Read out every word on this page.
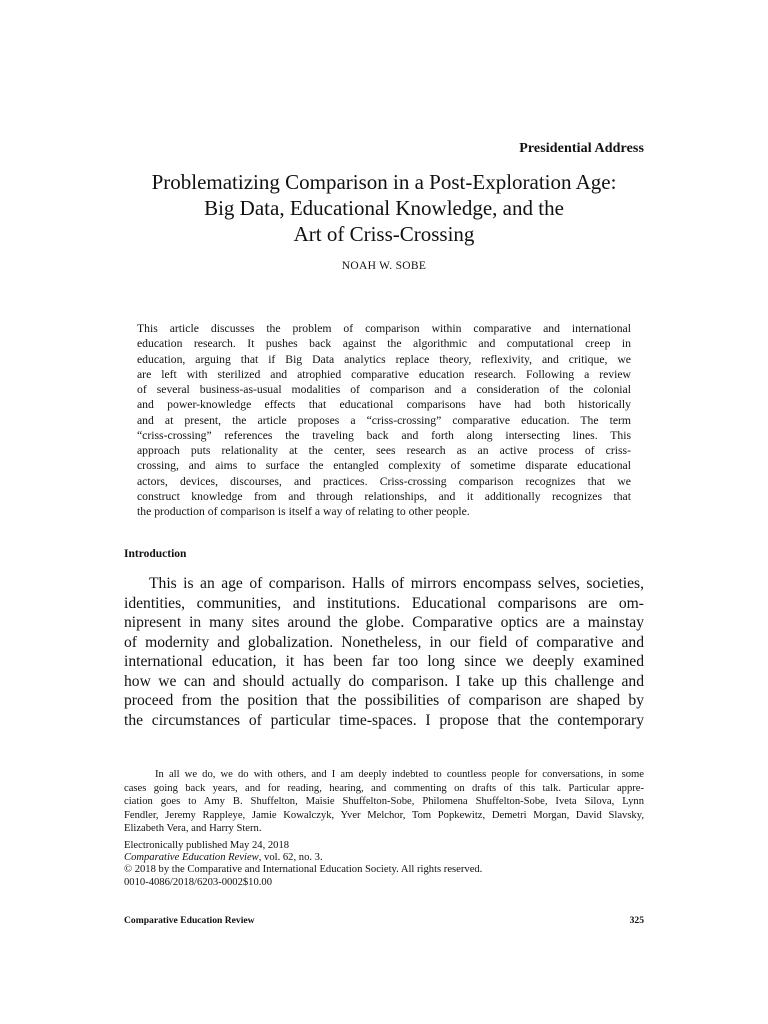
Presidential Address
Problematizing Comparison in a Post-Exploration Age:
Big Data, Educational Knowledge, and the
Art of Criss-Crossing
NOAH W. SOBE
This article discusses the problem of comparison within comparative and international
education research. It pushes back against the algorithmic and computational creep in
education, arguing that if Big Data analytics replace theory, reflexivity, and critique, we
are left with sterilized and atrophied comparative education research. Following a review
of several business-as-usual modalities of comparison and a consideration of the colonial
and power-knowledge effects that educational comparisons have had both historically
and at present, the article proposes a “criss-crossing” comparative education. The term
“criss-crossing” references the traveling back and forth along intersecting lines. This
approach puts relationality at the center, sees research as an active process of criss-
crossing, and aims to surface the entangled complexity of sometime disparate educational
actors, devices, discourses, and practices. Criss-crossing comparison recognizes that we
construct knowledge from and through relationships, and it additionally recognizes that
the production of comparison is itself a way of relating to other people.
Introduction
This is an age of comparison. Halls of mirrors encompass selves, societies,
identities, communities, and institutions. Educational comparisons are om-
nipresent in many sites around the globe. Comparative optics are a mainstay
of modernity and globalization. Nonetheless, in our field of comparative and
international education, it has been far too long since we deeply examined
how we can and should actually do comparison. I take up this challenge and
proceed from the position that the possibilities of comparison are shaped by
the circumstances of particular time-spaces. I propose that the contemporary
In all we do, we do with others, and I am deeply indebted to countless people for conversations, in some
cases going back years, and for reading, hearing, and commenting on drafts of this talk. Particular appre-
ciation goes to Amy B. Shuffelton, Maisie Shuffelton-Sobe, Philomena Shuffelton-Sobe, Iveta Silova, Lynn
Fendler, Jeremy Rappleye, Jamie Kowalczyk, Yver Melchor, Tom Popkewitz, Demetri Morgan, David Slavsky,
Elizabeth Vera, and Harry Stern.
Electronically published May 24, 2018
Comparative Education Review, vol. 62, no. 3.
© 2018 by the Comparative and International Education Society. All rights reserved.
0010-4086/2018/6203-0002$10.00
Comparative Education Review	325
